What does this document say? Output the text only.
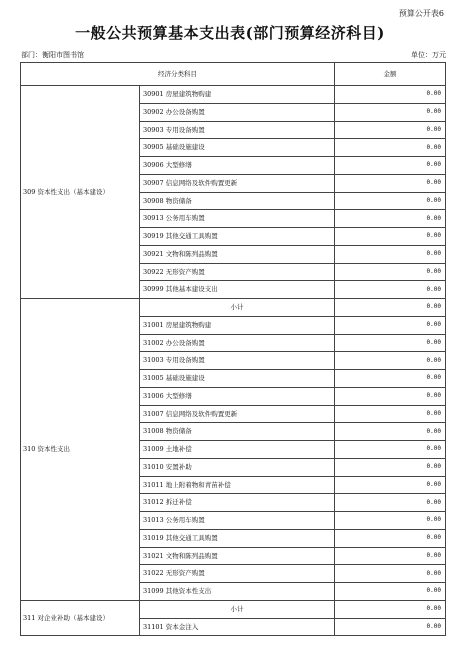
预算公开表6
一般公共预算基本支出表(部门预算经济科目)
部门：衡阳市图书馆	单位：万元
经济分类科目		金额
309 资本性支出（基本建设）	30901 房屋建筑物购建	0.00
	30902 办公设备购置	0.00
	30903 专用设备购置	0.00
	30905 基础设施建设	0.00
	30906 大型修缮	0.00
	30907 信息网络及软件购置更新	0.00
	30908 物资储备	0.00
	30913 公务用车购置	0.00
	30919 其他交通工具购置	0.00
	30921 文物和陈列品购置	0.00
	30922 无形资产购置	0.00
	30999 其他基本建设支出	0.00
310 资本性支出	小计	0.00
	31001 房屋建筑物购建	0.00
	31002 办公设备购置	0.00
	31003 专用设备购置	0.00
	31005 基础设施建设	0.00
	31006 大型修缮	0.00
	31007 信息网络及软件购置更新	0.00
	31008 物资储备	0.00
	31009 土地补偿	0.00
	31010 安置补助	0.00
	31011 地上附着物和青苗补偿	0.00
	31012 拆迁补偿	0.00
	31013 公务用车购置	0.00
	31019 其他交通工具购置	0.00
	31021 文物和陈列品购置	0.00
	31022 无形资产购置	0.00
	31099 其他资本性支出	0.00
311 对企业补助（基本建设）	小计	0.00
	31101 资本金注入	0.00
